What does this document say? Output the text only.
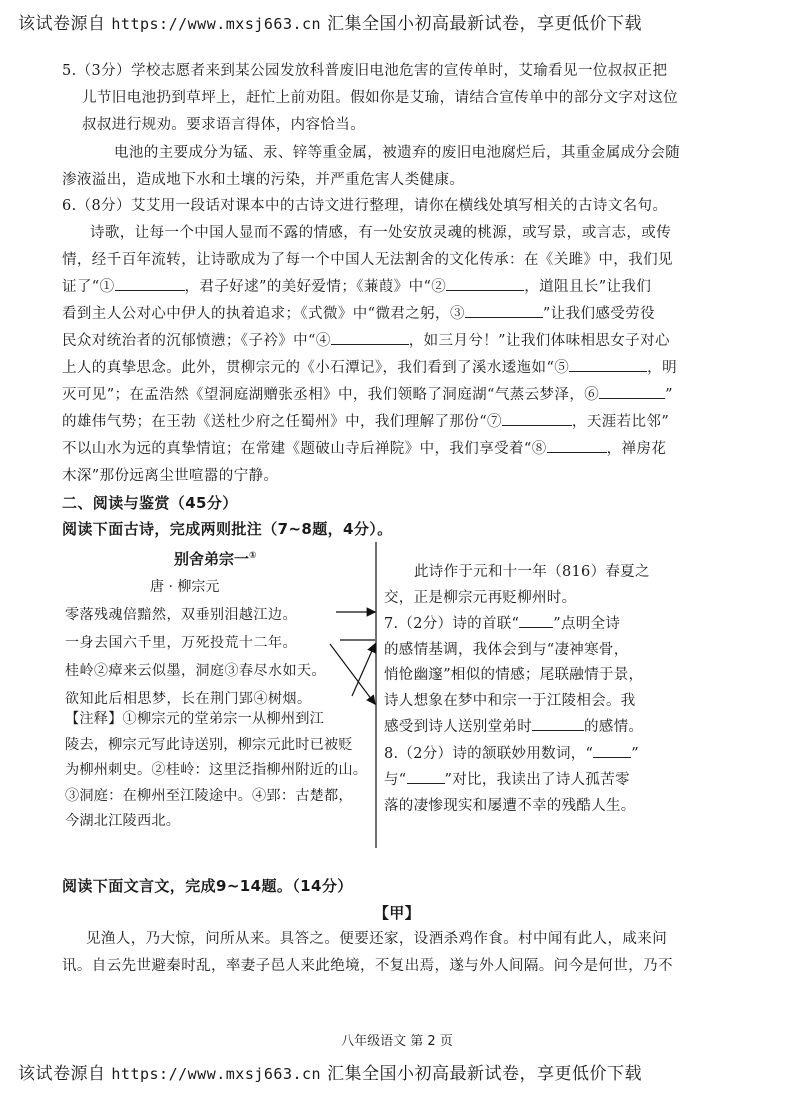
该试卷源自 https://www.mxsj663.cn 汇集全国小初高最新试卷，享更低价下载
5.（3分）学校志愿者来到某公园发放科普废旧电池危害的宣传单时，艾瑜看见一位叔叔正把
儿节旧电池扔到草坪上，赶忙上前劝阻。假如你是艾瑜，请结合宣传单中的部分文字对这位
叔叔进行规劝。要求语言得体，内容恰当。
电池的主要成分为锰、汞、锌等重金属，被遗弃的废旧电池腐烂后，其重金属成分会随
渗液溢出，造成地下水和土壤的污染，并严重危害人类健康。
6.（8分）艾艾用一段话对课本中的古诗文进行整理，请你在横线处填写相关的古诗文名句。
诗歌，让每一个中国人显而不露的情感，有一处安放灵魂的桃源，或写景，或言志，或传
情，经千百年流转，让诗歌成为了每一个中国人无法割舍的文化传承：在《关雎》中，我们见
证了“①	，君子好逑”的美好爱情；《蒹葭》中“②	，道阻且长”让我们
看到主人公对心中伊人的执着追求；《式微》中“微君之躬，③	”让我们感受劳役
民众对统治者的沉郁愤懑；《子衿》中“④	，如三月兮！”让我们体味相思女子对心
上人的真挚思念。此外，贯柳宗元的《小石潭记》，我们看到了溪水逶迤如“⑤	，明
灭可见”；在孟浩然《望洞庭湖赠张丞相》中，我们领略了洞庭湖“气蒸云梦泽，⑥	”
的雄伟气势；在王勃《送杜少府之任蜀州》中，我们理解了那份“⑦	，天涯若比邻”
不以山水为远的真挚情谊；在常建《题破山寺后禅院》中，我们享受着“⑧	，禅房花
木深”那份远离尘世喧嚣的宁静。
二、阅读与鉴赏（45分）
阅读下面古诗，完成两则批注（7~8题，4分）。
别舍弟宗一①
唐 · 柳宗元
零落残魂倍黯然，双垂别泪越江边。
一身去国六千里，万死投荒十二年。
桂岭②瘴来云似墨，洞庭③春尽水如天。
欲知此后相思梦，长在荆门郢④树烟。
【注释】①柳宗元的堂弟宗一从柳州到江
陵去，柳宗元写此诗送别，柳宗元此时已被贬
为柳州刺史。②桂岭：这里泛指柳州附近的山。
③洞庭：在柳州至江陵途中。④郢：古楚都，
今湖北江陵西北。
此诗作于元和十一年（816）春夏之
交，正是柳宗元再贬柳州时。
7.（2分）诗的首联“ ”点明全诗
的感情基调，我体会到与“凄神寒骨，
悄怆幽邃”相似的情感；尾联融情于景，
诗人想象在梦中和宗一于江陵相会。我
感受到诗人送别堂弟时	的感情。
8.（2分）诗的颔联妙用数词，“	”
与“	”对比，我读出了诗人孤苦零
落的凄惨现实和屡遭不幸的残酷人生。
阅读下面文言文，完成9~14题。（14分）
【甲】
见渔人，乃大惊，问所从来。具答之。便要还家，设酒杀鸡作食。村中闻有此人，咸来问
讯。自云先世避秦时乱，率妻子邑人来此绝境，不复出焉，遂与外人间隔。问今是何世，乃不
八年级语文 第 2 页
该试卷源自 https://www.mxsj663.cn 汇集全国小初高最新试卷，享更低价下载
